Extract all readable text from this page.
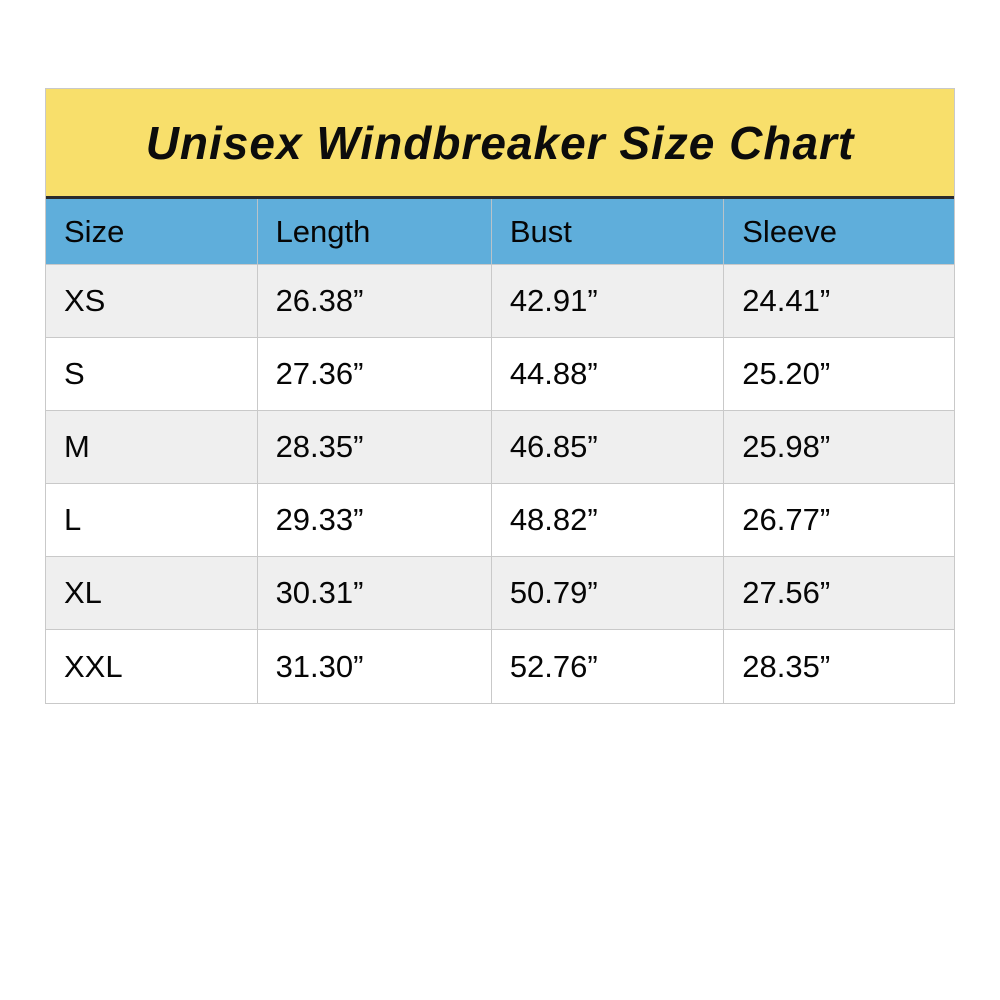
Unisex Windbreaker Size Chart
Size	Length	Bust	Sleeve
XS	26.38”	42.91”	24.41”
S	27.36”	44.88”	25.20”
M	28.35”	46.85”	25.98”
L	29.33”	48.82”	26.77”
XL	30.31”	50.79”	27.56”
XXL	31.30”	52.76”	28.35”
